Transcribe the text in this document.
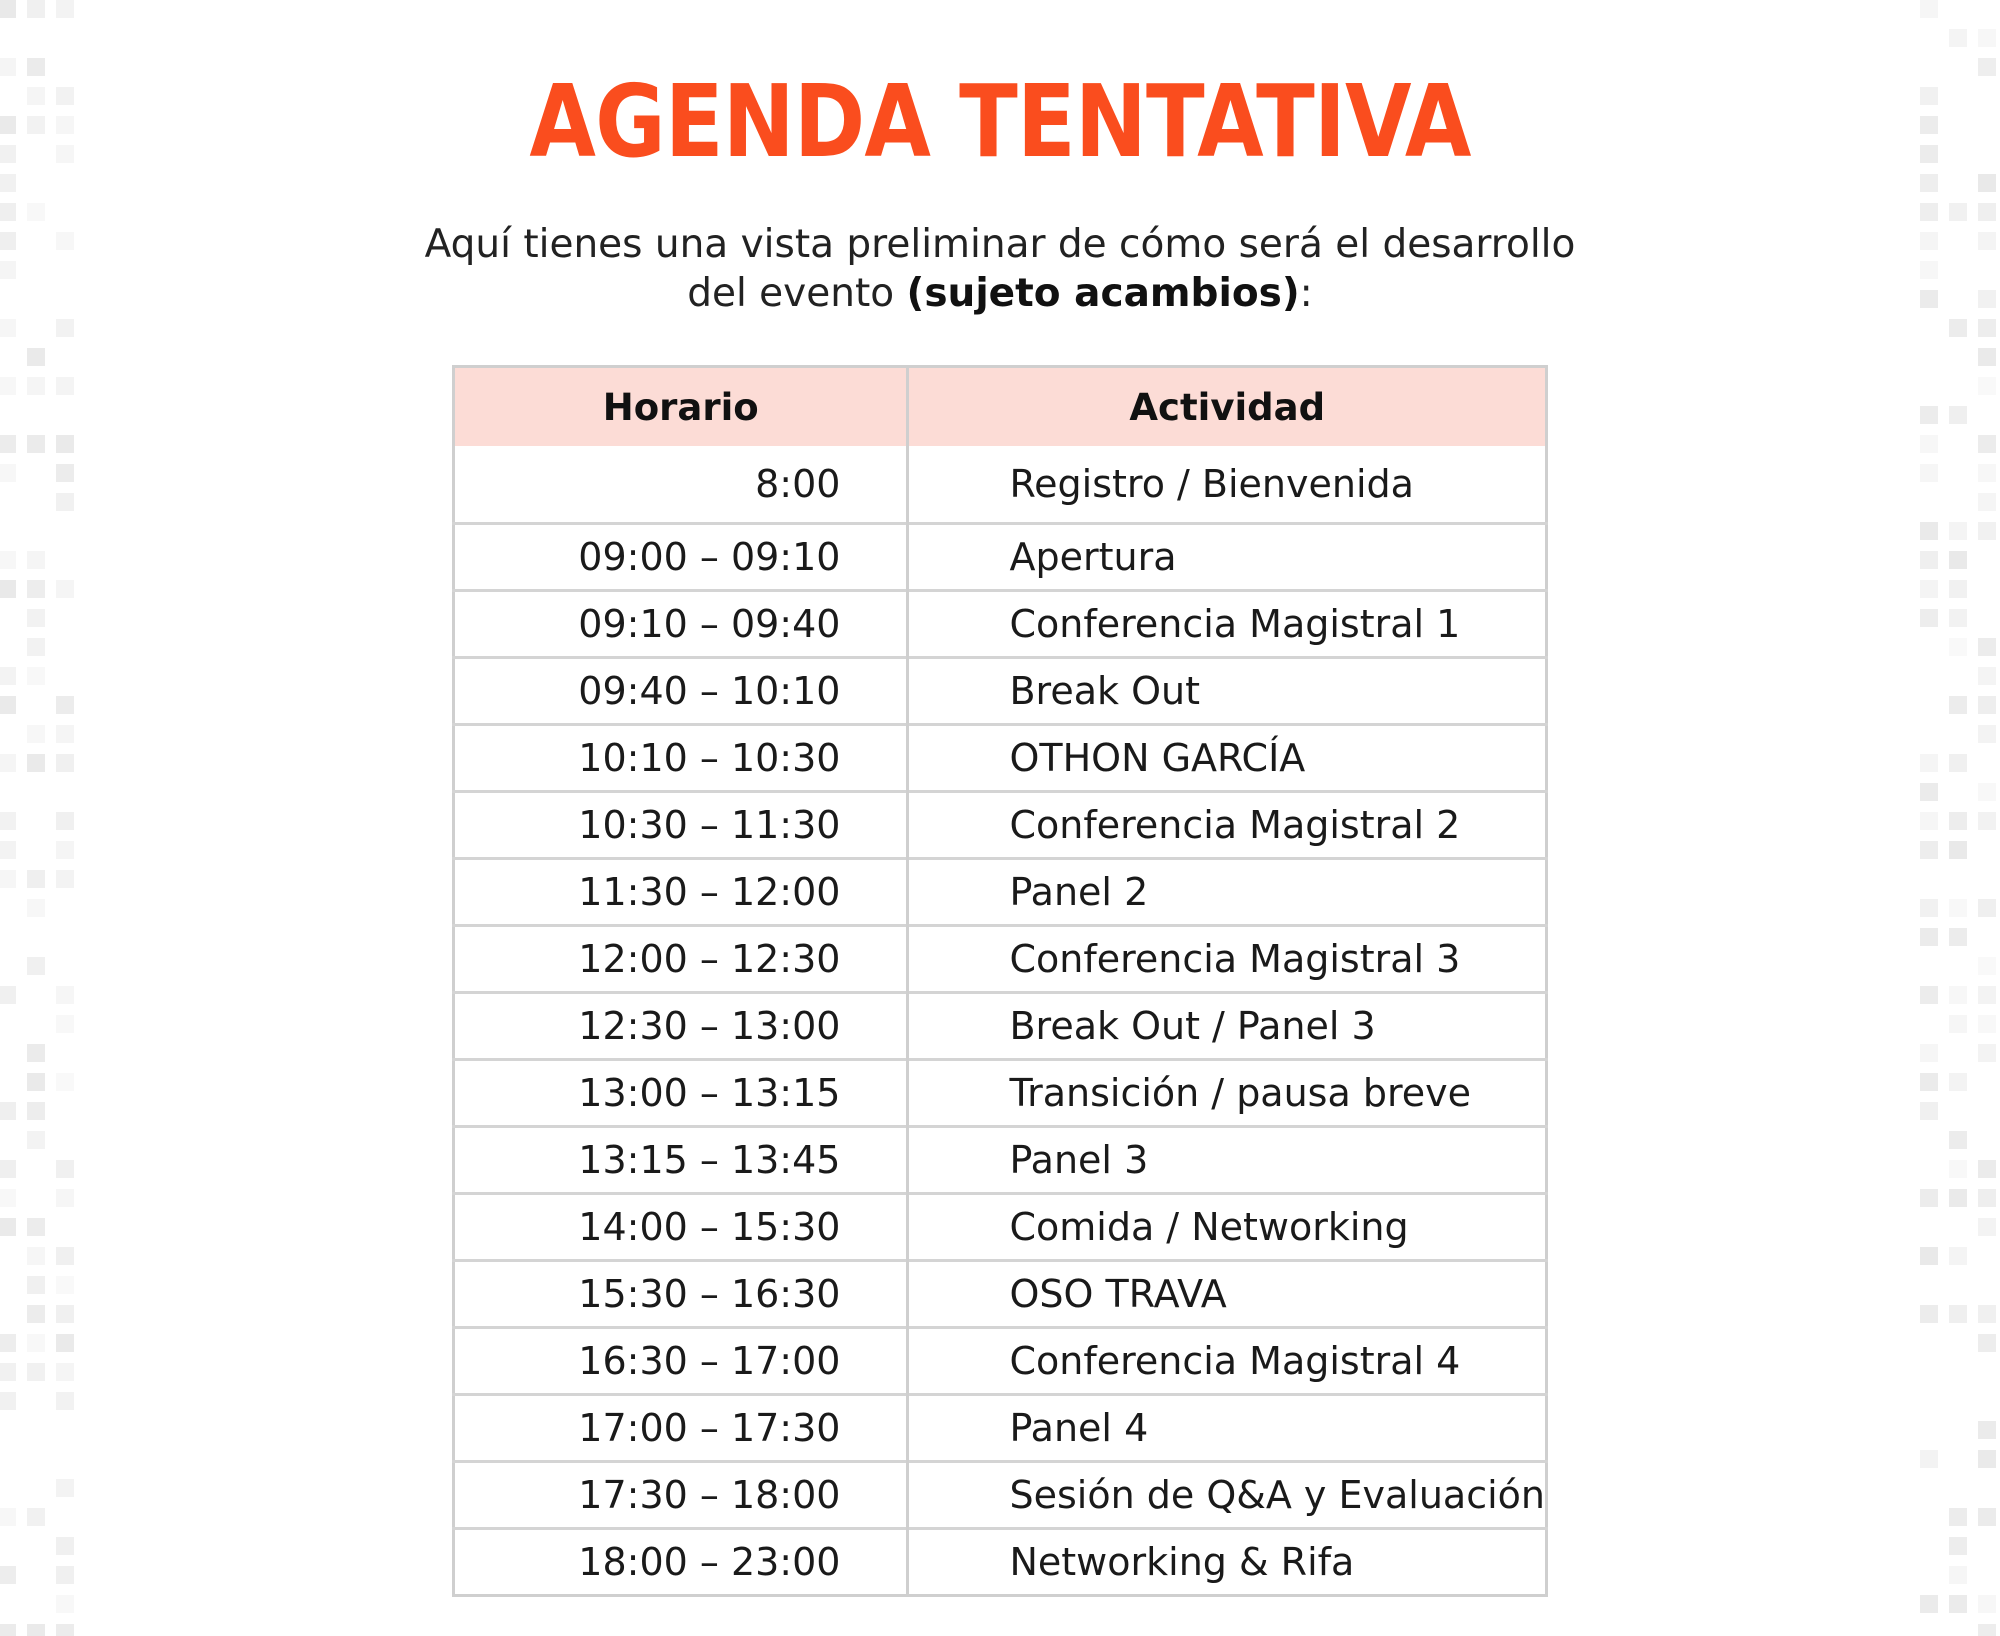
AGENDA TENTATIVA
Aquí tienes una vista preliminar de cómo será el desarrollo
del evento (sujeto acambios):
Horario	Actividad
8:00	Registro / Bienvenida
09:00 – 09:10	Apertura
09:10 – 09:40	Conferencia Magistral 1
09:40 – 10:10	Break Out
10:10 – 10:30	OTHON GARCÍA
10:30 – 11:30	Conferencia Magistral 2
11:30 – 12:00	Panel 2
12:00 – 12:30	Conferencia Magistral 3
12:30 – 13:00	Break Out / Panel 3
13:00 – 13:15	Transición / pausa breve
13:15 – 13:45	Panel 3
14:00 – 15:30	Comida / Networking
15:30 – 16:30	OSO TRAVA
16:30 – 17:00	Conferencia Magistral 4
17:00 – 17:30	Panel 4
17:30 – 18:00	Sesión de Q&A y Evaluación
18:00 – 23:00	Networking & Rifa
